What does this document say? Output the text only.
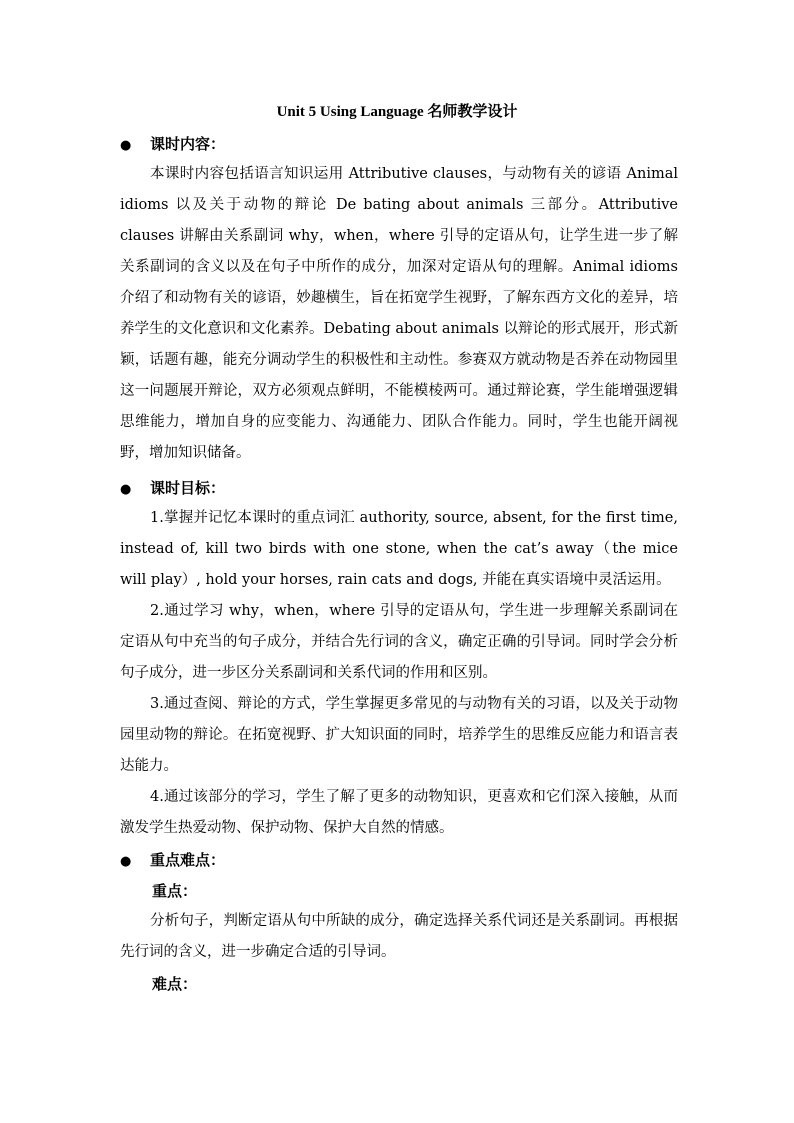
Unit 5 Using Language 名师教学设计
● 课时内容：
本课时内容包括语言知识运用 Attributive clauses，与动物有关的谚语 Animal idioms 以及关于动物的辩论 De bating about animals 三部分。Attributive clauses 讲解由关系副词 why，when，where 引导的定语从句，让学生进一步了解关系副词的含义以及在句子中所作的成分，加深对定语从句的理解。Animal idioms 介绍了和动物有关的谚语，妙趣横生，旨在拓宽学生视野，了解东西方文化的差异，培养学生的文化意识和文化素养。Debating about animals 以辩论的形式展开，形式新颖，话题有趣，能充分调动学生的积极性和主动性。参赛双方就动物是否养在动物园里这一问题展开辩论，双方必须观点鲜明，不能模棱两可。通过辩论赛，学生能增强逻辑思维能力，增加自身的应变能力、沟通能力、团队合作能力。同时，学生也能开阔视野，增加知识储备。
● 课时目标：
1.掌握并记忆本课时的重点词汇 authority, source, absent, for the first time, instead of, kill two birds with one stone, when the cat’s away（the mice will play）, hold your horses, rain cats and dogs, 并能在真实语境中灵活运用。
2.通过学习 why，when，where 引导的定语从句，学生进一步理解关系副词在定语从句中充当的句子成分，并结合先行词的含义，确定正确的引导词。同时学会分析句子成分，进一步区分关系副词和关系代词的作用和区别。
3.通过查阅、辩论的方式，学生掌握更多常见的与动物有关的习语，以及关于动物园里动物的辩论。在拓宽视野、扩大知识面的同时，培养学生的思维反应能力和语言表达能力。
4.通过该部分的学习，学生了解了更多的动物知识，更喜欢和它们深入接触，从而激发学生热爱动物、保护动物、保护大自然的情感。
● 重点难点：
重点：
分析句子，判断定语从句中所缺的成分，确定选择关系代词还是关系副词。再根据先行词的含义，进一步确定合适的引导词。
难点：
